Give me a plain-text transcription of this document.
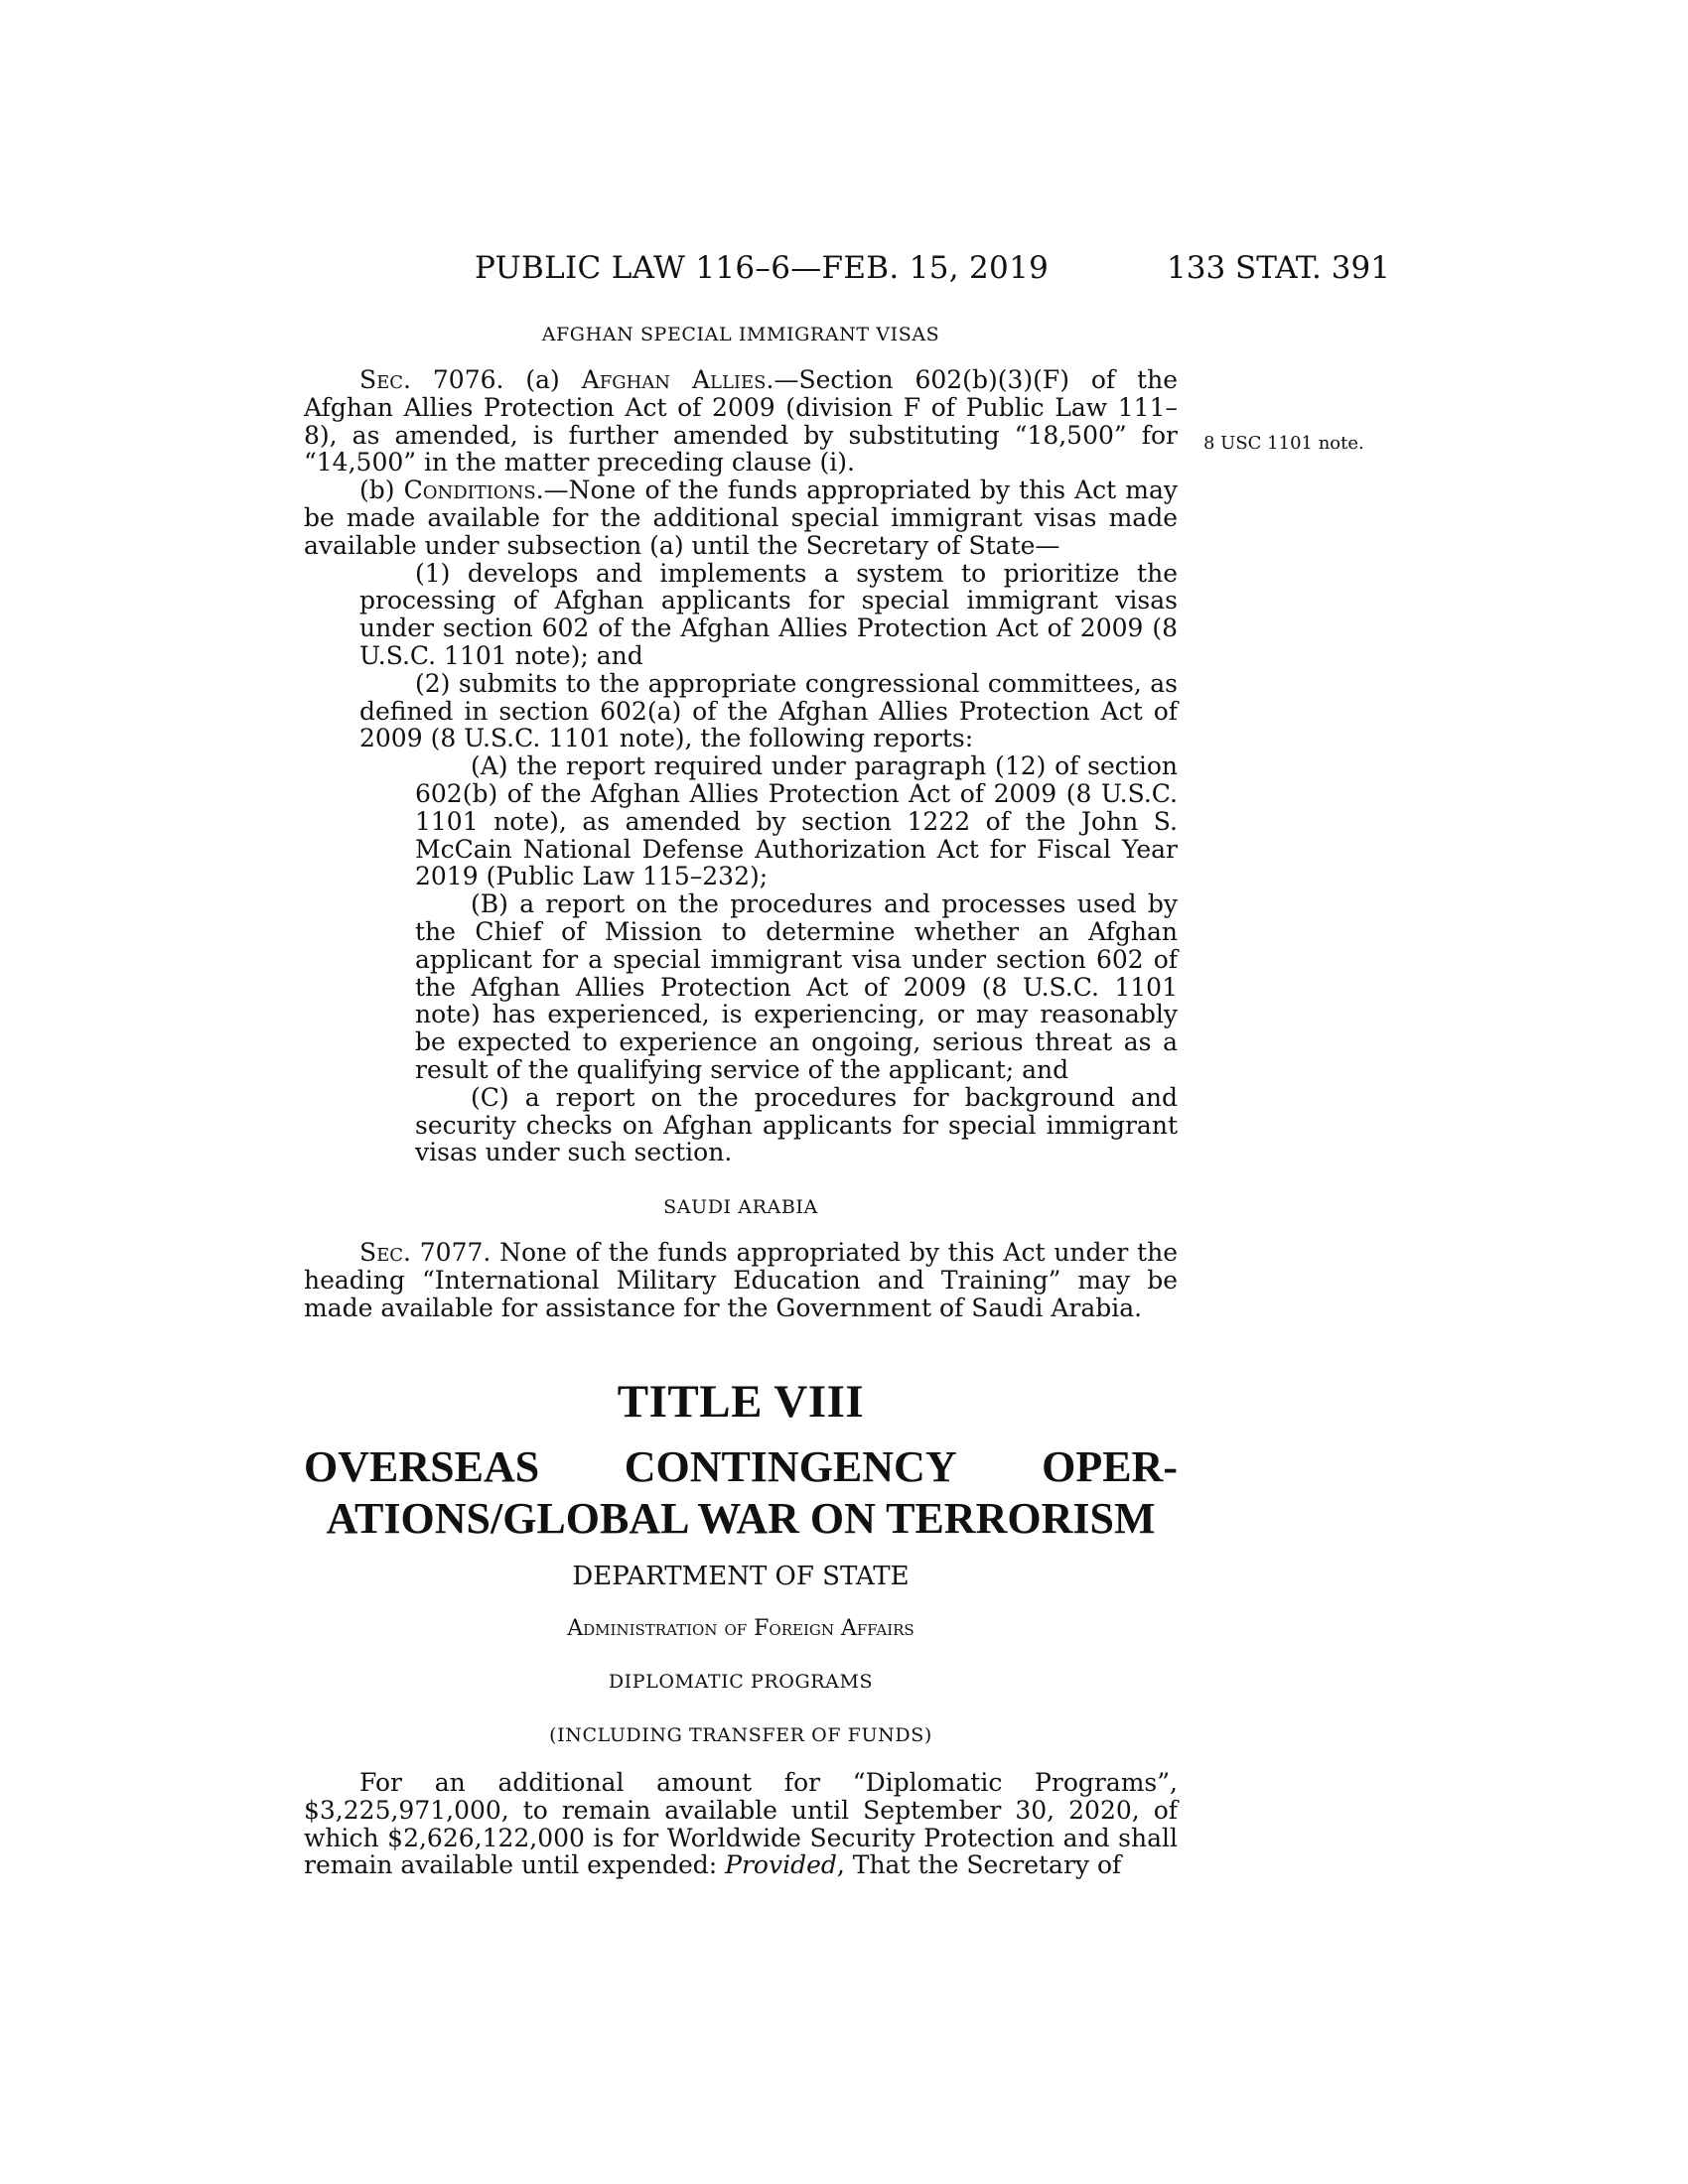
PUBLIC LAW 116–6—FEB. 15, 2019	133 STAT. 391
8 USC 1101 note.
AFGHAN SPECIAL IMMIGRANT VISAS

Sec. 7076. (a) Afghan Allies.—Section 602(b)(3)(F) of the Afghan Allies Protection Act of 2009 (division F of Public Law 111–8), as amended, is further amended by substituting “18,500” for “14,500” in the matter preceding clause (i).

(b) Conditions.—None of the funds appropriated by this Act may be made available for the additional special immigrant visas made available under subsection (a) until the Secretary of State—

(1) develops and implements a system to prioritize the processing of Afghan applicants for special immigrant visas under section 602 of the Afghan Allies Protection Act of 2009 (8 U.S.C. 1101 note); and

(2) submits to the appropriate congressional committees, as defined in section 602(a) of the Afghan Allies Protection Act of 2009 (8 U.S.C. 1101 note), the following reports:

(A) the report required under paragraph (12) of section 602(b) of the Afghan Allies Protection Act of 2009 (8 U.S.C. 1101 note), as amended by section 1222 of the John S. McCain National Defense Authorization Act for Fiscal Year 2019 (Public Law 115–232);

(B) a report on the procedures and processes used by the Chief of Mission to determine whether an Afghan applicant for a special immigrant visa under section 602 of the Afghan Allies Protection Act of 2009 (8 U.S.C. 1101 note) has experienced, is experiencing, or may reasonably be expected to experience an ongoing, serious threat as a result of the qualifying service of the applicant; and

(C) a report on the procedures for background and security checks on Afghan applicants for special immigrant visas under such section.

SAUDI ARABIA

Sec. 7077. None of the funds appropriated by this Act under the heading “International Military Education and Training” may be made available for assistance for the Government of Saudi Arabia.

TITLE VIII
OVERSEAS CONTINGENCY OPER-
ATIONS/GLOBAL WAR ON TERRORISM
DEPARTMENT OF STATE
Administration of Foreign Affairs
DIPLOMATIC PROGRAMS
(INCLUDING TRANSFER OF FUNDS)

For an additional amount for “Diplomatic Programs”, $3,225,971,000, to remain available until September 30, 2020, of which $2,626,122,000 is for Worldwide Security Protection and shall remain available until expended: Provided, That the Secretary of
